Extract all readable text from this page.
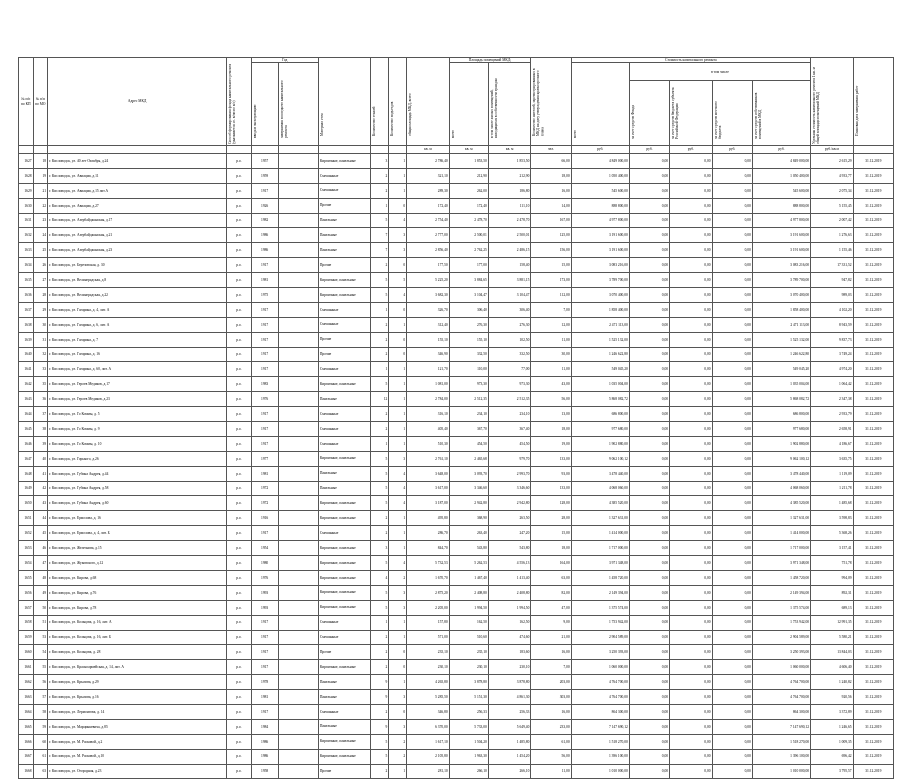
№ п/п по КП	№ п/п по МО	Адрес МКД	Способ формирования фонда капитального ремонта (указывается со. в/пп по в/с)	Год		Материал стен	Количество этажей	Количество подъездов	общая площадь МКД, всего	Площадь помещений МКД:		Количество жителей, зарегистрированных в МКД на дату утверждения краткосрочного плана	Стоимость капитального ремонта					Удельная стоимость капитального ремонта 1 кв. м общей площади помещений МКД	Плановая дата завершения работ

				ввода в эксплуатацию	завершения последнего капитального ремонта					всего	в том числе жилых помещений, находящихся в собственности граждан		всего	в том числе					

														за счет средств Фонда	за счет средств бюджета субъекта Российской Федерации	за счет средств местного бюджета	за счет средств собственников помещений в МКД		

									кв. м	кв. м	кв. м	чел.	руб.	руб.	руб.	руб.	руб.	руб./кв.м	
1627	18	г. Кисловодск, ул. 40 лет Октября, д.24	р.о.	1957		Кирпичные, панельные	3	1	2 786,40	1 853,50	1 853,50	66,00	4 849 000,00	0,00	0,00	0,00	4 849 000,00	2 615,29	31.12.2019
1628	19	г. Кисловодск, ул. Авиации, д.11	р.о.	1959		Смешанные	2	1	321,10	212,90	212,90	18,00	1 050 400,00	0,00	0,00	0,00	1 050 400,00	4 933,77	31.12.2019
1629	21	г. Кисловодск, ул. Авиации, д.15 лит.А	р.о.	1917		Смешанные	2	1	289,30	262,00	186,80	16,00	545 600,00	0,00	0,00	0,00	545 600,00	2 075,34	31.12.2019
1630	22	г. Кисловодск, ул. Авиации, д.27	р.о.	1926		Прочие	1	0	172,40	172,40	111,10	14,00	888 800,00	0,00	0,00	0,00	888 800,00	5 155,45	31.12.2019
1631	23	г. Кисловодск, ул. Азербайджанская, д.17	р.о.	1982		Панельные	5	4	2 754,40	2 478,70	2 478,70	167,00	4 977 800,00	0,00	0,00	0,00	4 977 800,00	2 007,42	31.12.2019
1632	24	г. Кисловодск, ул. Азербайджанская, д.21	р.о.	1986		Панельные	7	3	2 777,00	2 500,01	2 500,01	125,00	3 191 600,00	0,00	0,00	0,00	3 191 600,00	1 276,63	31.12.2019
1633	25	г. Кисловодск, ул. Азербайджанская, д.23	р.о.	1986		Панельные	7	3	2 856,40	2 762,25	2 486,15	156,00	3 191 600,00	0,00	0,00	0,00	3 191 600,00	1 155,46	31.12.2019
1634	26	г. Кисловодск, ул. Березовская, д. 30	р.о.	1917		Прочие	2	0	177,50	177,00	158,40	15,00	3 083 216,00	0,00	0,00	0,00	3 083 216,00	17 331,52	31.12.2019
1635	27	г. Кисловодск, ул. Велинградская, д.8	р.о.	1981		Кирпичные, панельные	5	5	5 225,20	3 884,65	3 881,15	173,00	3 789 700,00	0,00	0,00	0,00	3 789 700,00	947,82	31.12.2019
1636	28	г. Кисловодск, ул. Велинградская, д.22	р.о.	1975		Кирпичные, панельные	5	4	3 682,30	3 104,47	3 104,47	112,00	3 070 400,00	0,00	0,00	0,00	3 070 400,00	989,03	31.12.2019
1637	29	г. Кисловодск, ул. Гагарина, д. 4, лит. А	р.о.	1917		Смешанные	1	0	326,70	306,40	306,40	7,00	1 858 400,00	0,00	0,00	0,00	1 858 400,00	4 102,20	31.12.2019
1638	30	г. Кисловодск, ул. Гагарина, д. 6, лит. А	р.о.	1917		Смешанные	2	1	312,40	276,30	276,30	12,00	2 471 113,00	0,00	0,00	0,00	2 471 113,00	8 943,59	31.12.2019
1639	31	г. Кисловодск, ул. Гагарина, д. 7	р.о.	1917		Прочие	2	0	155,10	155,10	102,50	11,00	1 525 132,00	0,00	0,00	0,00	1 525 132,00	9 837,73	31.12.2019
1640	32	г. Кисловодск, ул. Гагарина, д. 16	р.о.	1917		Прочие	2	0	346,90	332,50	332,50	30,00	1 246 622,80	0,00	0,00	0,00	1 246 622,80	3 749,24	31.12.2019
1641	33	г. Кисловодск, ул. Гагарина, д. 60, лит. А	р.о.	1917		Смешанные	1	1	121,70	110,00	77,00	11,00	549 045,20	0,00	0,00	0,00	549 045,20	4 974,20	31.12.2019
1642	35	г. Кисловодск, ул. Героев Медиков, д.17	р.о.	1983		Кирпичные, панельные	5	1	1 081,00	973,30	973,30	43,00	1 035 004,00	0,00	0,00	0,00	1 035 004,00	1 064,42	31.12.2019
1643	36	г. Кисловодск, ул. Героев Медиков, д.23	р.о.	1976		Панельные	12	1	2 784,00	2 512,35	2 512,35	56,00	5 868 082,72	0,00	0,00	0,00	5 868 082,72	2 347,38	31.12.2019
1644	37	г. Кисловодск, ул. Го Коммы, д. 5	р.о.	1917		Смешанные	2	1	316,10	234,10	234,10	13,00	686 800,00	0,00	0,00	0,00	686 800,00	2 933,79	31.12.2019
1645	38	г. Кисловодск, ул. Го Коммы, д. 9	р.о.	1917		Смешанные	2	1	405,40	367,70	367,40	18,00	977 680,00	0,00	0,00	0,00	977 680,00	2 658,91	31.12.2019
1646	39	г. Кисловодск, ул. Го Коммы, д. 10	р.о.	1917		Смешанные	1	1	510,30	454,50	454,50	19,00	1 902 880,00	0,00	0,00	0,00	1 902 880,00	4 186,67	31.12.2019
1647	40	г. Кисловодск, ул. Горького, д.26	р.о.	1977		Кирпичные, панельные	5	3	2 761,10	2 465,68	979,70	133,00	9 062 100,12	0,00	0,00	0,00	9 062 100,12	3 635,75	31.12.2019
1648	41	г. Кисловодск, ул. Губина Андрея, д.44	р.о.	1981		Панельные	5	4	3 648,00	3 093,70	2 993,70	93,00	3 478 440,00	0,00	0,00	0,00	3 478 440,00	1 119,09	31.12.2019
1649	42	г. Кисловодск, ул. Губина Андрея, д.58	р.о.	1972		Панельные	5	4	3 617,00	3 346,60	3 346,60	133,00	4 068 060,00	0,00	0,00	0,00	4 068 060,00	1 211,78	31.12.2019
1650	43	г. Кисловодск, ул. Губина Андрея, д.60	р.о.	1972		Кирпичные, панельные	5	4	3 187,00	2 942,80	2 942,80	128,00	4 385 520,00	0,00	0,00	0,00	4 385 520,00	1 485,68	31.12.2019
1651	44	г. Кисловодск, ул. Ермолова, д. 16	р.о.	1916		Кирпичные, панельные	2	1	495,80	368,90	263,50	28,00	1 327 631,00	0,00	0,00	0,00	1 327 631,00	3 598,83	31.12.2019
1652	45	г. Кисловодск, ул. Ермолова, д. 4, лит. Б	р.о.	1917		Смешанные	2	1	286,70	263,40	247,20	15,00	1 414 000,00	0,00	0,00	0,00	1 414 000,00	5 368,26	31.12.2019
1653	46	г. Кисловодск, ул. Железнова, д.15	р.о.	1954		Кирпичные, панельные	3	1	844,70	543,80	543,80	18,00	1 717 000,00	0,00	0,00	0,00	1 717 000,00	3 157,41	31.12.2019
1654	47	г. Кисловодск, ул. Жуковского, д.12	р.о.	1980		Кирпичные, панельные	5	4	5 732,53	5 262,53	4 556,13	164,00	3 971 348,00	0,00	0,00	0,00	3 971 348,00	751,78	31.12.2019
1655	48	г. Кисловодск, ул. Кирова, д.68	р.о.	1976		Кирпичные, панельные	4	2	1 670,70	1 467,40	1 413,40	63,00	1 458 720,00	0,00	0,00	0,00	1 458 720,00	994,09	31.12.2019
1656	49	г. Кисловодск, ул. Кирова, д.76	р.о.	1993		Кирпичные, панельные	5	3	2 875,20	2 408,80	2 408,80	82,00	2 149 394,00	0,00	0,00	0,00	2 149 394,00	892,31	31.12.2019
1657	50	г. Кисловодск, ул. Кирова, д.78	р.о.	1993		Кирпичные, панельные	5	3	2 205,00	1 994,50	1 994,50	47,00	1 375 574,00	0,00	0,00	0,00	1 375 574,00	689,13	31.12.2019
1658	51	г. Кисловодск, ул. Кольцова, д. 16, лит. А	р.о.	1917		Смешанные	1	1	157,80	162,50	162,50	9,00	1 753 942,00	0,00	0,00	0,00	1 753 942,00	12 991,35	31.12.2019
1659	53	г. Кисловодск, ул. Кольцова, д. 16, лит. Б	р.о.	1917		Смешанные	2	1	571,00	510,60	474,60	21,00	2 904 589,00	0,00	0,00	0,00	2 904 589,00	5 580,21	31.12.2019
1660	54	г. Кисловодск, ул. Кольцова, д. 28	р.о.	1917		Прочие	2	0	235,10	235,10	183,60	16,00	3 250 393,00	0,00	0,00	0,00	3 250 393,00	13 844,03	31.12.2019
1661	55	г. Кисловодск, ул. Красноармейская, д. 14, лит. А	р.о.	1917		Кирпичные, панельные	2	0	230,10	230,10	230,10	7,00	1 060 000,00	0,00	0,00	0,00	1 060 000,00	4 606,40	31.12.2019
1662	56	г. Кисловодск, ул. Крылова, д.29	р.о.	1978		Панельные	9	1	4 265,80	3 878,80	3 878,80	203,00	4 764 700,00	0,00	0,00	0,00	4 764 700,00	1 240,82	31.12.2019
1663	57	г. Кисловодск, ул. Крылова, д.16	р.о.	1981		Панельные	9	3	5 285,50	5 151,30	4 861,30	303,00	4 764 700,00	0,00	0,00	0,00	4 764 700,00	920,56	31.12.2019
1664	58	г. Кисловодск, ул. Лермонтова, д. 14	р.о.	1917		Смешанные	2	0	346,80	256,33	256,33	16,00	864 300,00	0,00	0,00	0,00	864 300,00	3 372,89	31.12.2019
1665	59	г. Кисловодск, ул. Марцинкевича, д.85	р.о.	1984		Панельные	9	3	6 370,00	5 733,00	5 649,40	233,00	7 147 690,12	0,00	0,00	0,00	7 147 690,12	1 246,65	31.12.2019
1666	60	г. Кисловодск, ул. М. Расковой, д.2	р.о.	1986		Кирпичные, панельные	5	2	1 617,10	1 504,20	1 485,80	61,00	1 518 270,00	0,00	0,00	0,00	1 518 270,00	1 009,35	31.12.2019
1667	61	г. Кисловодск, ул. М. Расковой, д.10	р.о.	1986		Кирпичные, панельные	5	2	2 105,80	1 963,30	1 454,20	56,00	1 396 100,00	0,00	0,00	0,00	1 396 100,00	696,42	31.12.2019
1668	63	г. Кисловодск, ул. Огородная, д.23	р.о.	1958		Прочие	2	1	281,10	266,10	266,10	11,00	1 010 000,00	0,00	0,00	0,00	1 010 000,00	3 795,57	31.12.2019
